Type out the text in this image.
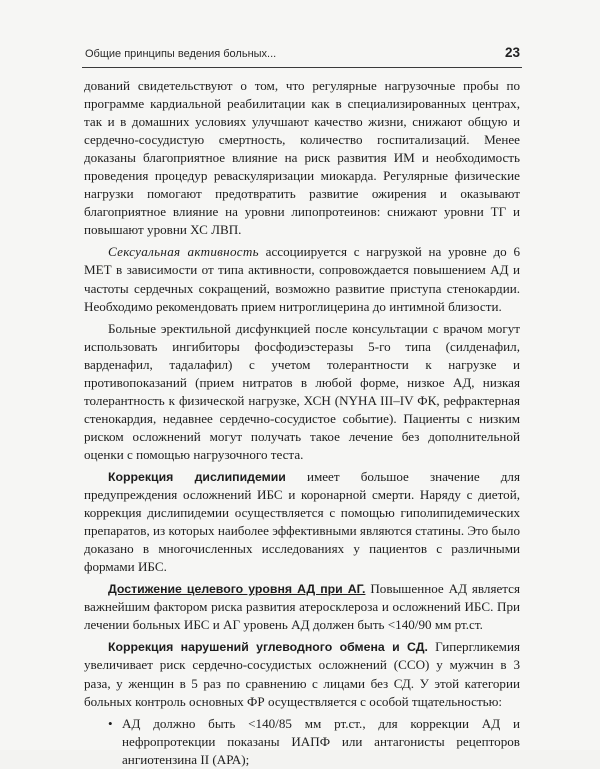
Общие принципы ведения больных...	23

дований свидетельствуют о том, что регулярные нагрузочные пробы по программе кардиальной реабилитации как в специализированных центрах, так и в домашних условиях улучшают качество жизни, снижают общую и сердечно-сосудистую смертность, количество госпитализаций. Менее доказаны благоприятное влияние на риск развития ИМ и необходимость проведения процедур реваскуляризации миокарда. Регулярные физические нагрузки помогают предотвратить развитие ожирения и оказывают благоприятное влияние на уровни липопротеинов: снижают уровни ТГ и повышают уровни ХС ЛВП.

Сексуальная активность ассоциируется с нагрузкой на уровне до 6 МЕТ в зависимости от типа активности, сопровождается повышением АД и частоты сердечных сокращений, возможно развитие приступа стенокардии. Необходимо рекомендовать прием нитроглицерина до интимной близости.

Больные эректильной дисфункцией после консультации с врачом могут использовать ингибиторы фосфодиэстеразы 5-го типа (силденафил, варденафил, тадалафил) с учетом толерантности к нагрузке и противопоказаний (прием нитратов в любой форме, низкое АД, низкая толерантность к физической нагрузке, ХСН (NYHA III–IV ФК, рефрактерная стенокардия, недавнее сердечно-сосудистое событие). Пациенты с низким риском осложнений могут получать такое лечение без дополнительной оценки с помощью нагрузочного теста.

Коррекция дислипидемии имеет большое значение для предупреждения осложнений ИБС и коронарной смерти. Наряду с диетой, коррекция дислипидемии осуществляется с помощью гиполипидемических препаратов, из которых наиболее эффективными являются статины. Это было доказано в многочисленных исследованиях у пациентов с различными формами ИБС.

Достижение целевого уровня АД при АГ. Повышенное АД является важнейшим фактором риска развития атеросклероза и осложнений ИБС. При лечении больных ИБС и АГ уровень АД должен быть <140/90 мм рт.ст.

Коррекция нарушений углеводного обмена и СД. Гипергликемия увеличивает риск сердечно-сосудистых осложнений (ССО) у мужчин в 3 раза, у женщин в 5 раз по сравнению с лицами без СД. У этой категории больных контроль основных ФР осуществляется с особой тщательностью:

• АД должно быть <140/85 мм рт.ст., для коррекции АД и нефропротекции показаны ИАПФ или антагонисты рецепторов ангиотензина II (АРА);
